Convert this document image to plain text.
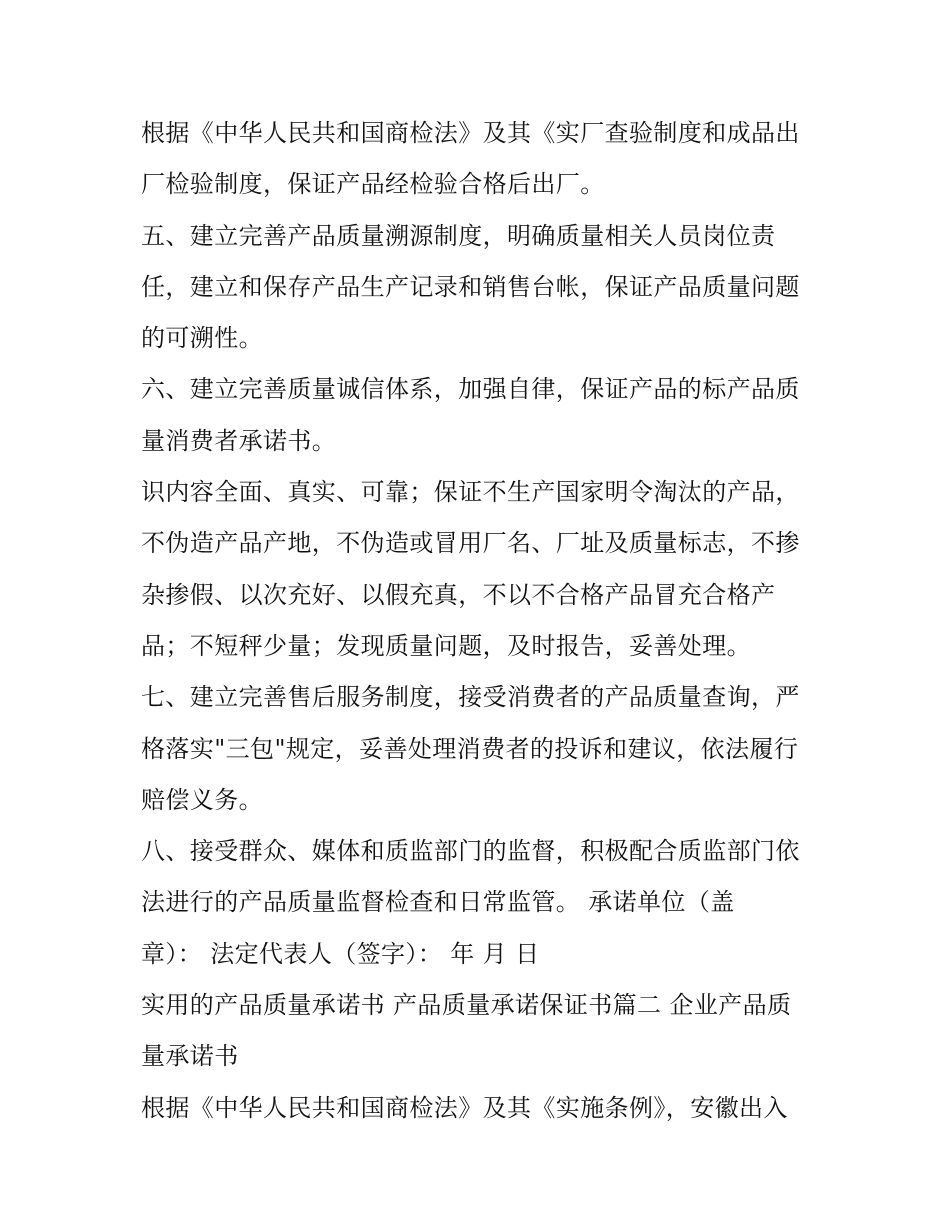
根据《中华人民共和国商检法》及其《实厂查验制度和成品出
厂检验制度，保证产品经检验合格后出厂。
五、建立完善产品质量溯源制度，明确质量相关人员岗位责
任，建立和保存产品生产记录和销售台帐，保证产品质量问题
的可溯性。
六、建立完善质量诚信体系，加强自律，保证产品的标产品质
量消费者承诺书。
识内容全面、真实、可靠；保证不生产国家明令淘汰的产品，
不伪造产品产地，不伪造或冒用厂名、厂址及质量标志，不掺
杂掺假、以次充好、以假充真，不以不合格产品冒充合格产
品；不短秤少量；发现质量问题，及时报告，妥善处理。
七、建立完善售后服务制度，接受消费者的产品质量查询，严
格落实"三包"规定，妥善处理消费者的投诉和建议，依法履行
赔偿义务。
八、接受群众、媒体和质监部门的监督，积极配合质监部门依
法进行的产品质量监督检查和日常监管。 承诺单位（盖
章）： 法定代表人（签字）： 年 月 日
实用的产品质量承诺书 产品质量承诺保证书篇二 企业产品质
量承诺书
根据《中华人民共和国商检法》及其《实施条例》，安徽出入
